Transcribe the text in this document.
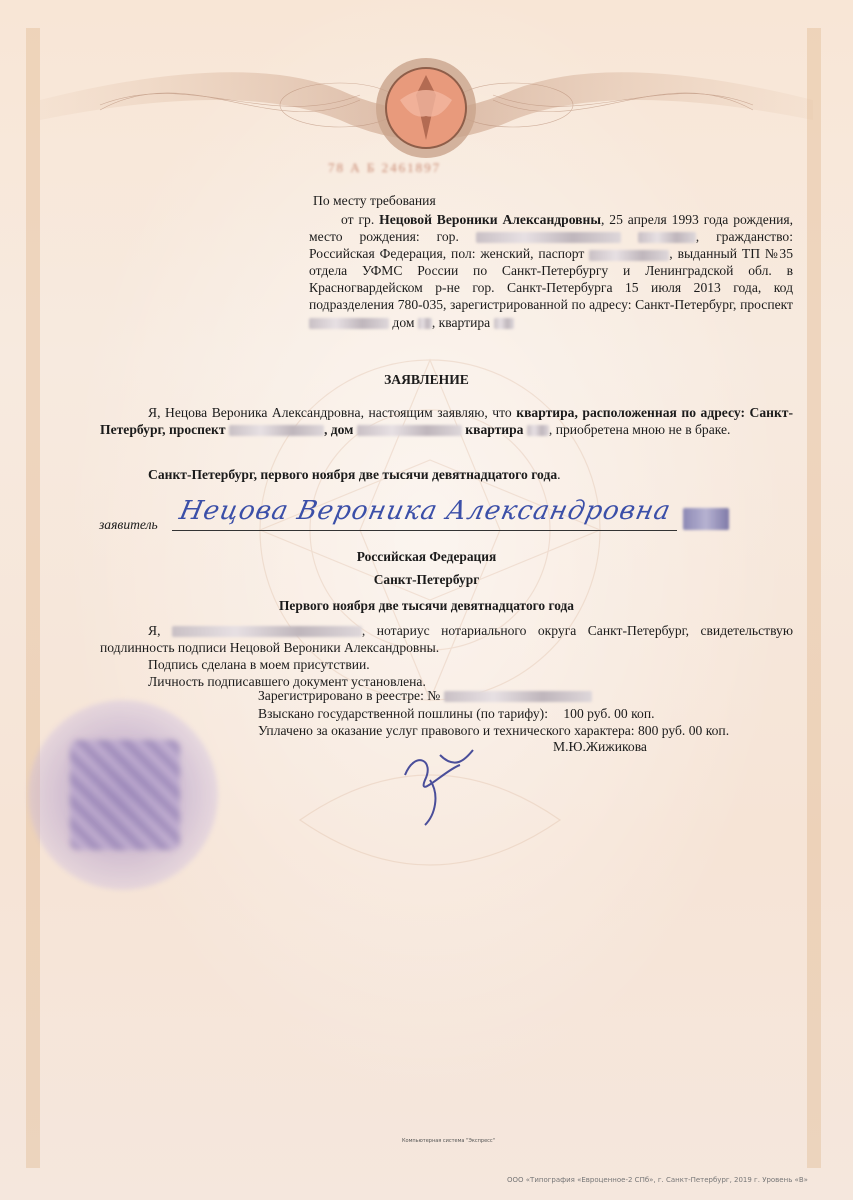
78 А Б 2461897
По месту требования
от гр. Нецовой Вероники Александровны, 25 апреля 1993 года рождения, место рождения: гор.	, гражданство: Российская Федерация, пол: женский, паспорт	, выданный ТП №35 отдела УФМС России по Санкт-Петербургу и Ленинградской обл. в Красногвардейском р-не гор. Санкт-Петербурга 15 июля 2013 года, код подразделения 780-035, зарегистрированной по адресу: Санкт-Петербург, проспект  дом , квартира
ЗАЯВЛЕНИЕ
Я, Нецова Вероника Александровна, настоящим заявляю, что квартира, расположенная по адресу: Санкт-Петербург, проспект	, дом	квартира , приобретена мною не в браке.
Санкт-Петербург, первого ноября две тысячи девятнадцатого года.
заявитель Нецова Вероника Александровна
Российская Федерация
Санкт-Петербург
Первого ноября две тысячи девятнадцатого года
Я,	, нотариус нотариального округа Санкт-Петербург, свидетельствую подлинность подписи Нецовой Вероники Александровны.
Подпись сделана в моем присутствии.
Личность подписавшего документ установлена.
Зарегистрировано в реестре: №
Взыскано государственной пошлины (по тарифу): 100 руб. 00 коп.
Уплачено за оказание услуг правового и технического характера: 800 руб. 00 коп.
М.Ю.Жижикова
Компьютерная система "Экспресс"
ООО «Типография «Евроценное-2 СПб», г. Санкт-Петербург, 2019 г. Уровень «В»
